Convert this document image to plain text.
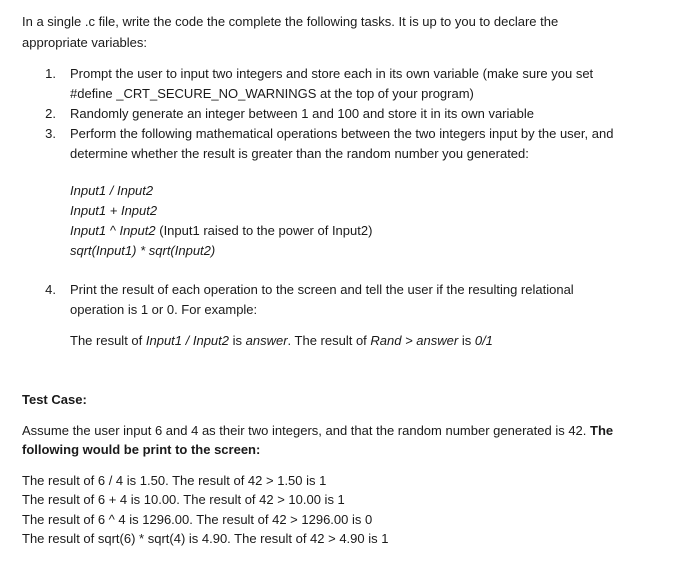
In a single .c file, write the code the complete the following tasks. It is up to you to declare the
appropriate variables:
1. Prompt the user to input two integers and store each in its own variable (make sure you set
#define _CRT_SECURE_NO_WARNINGS at the top of your program)
2. Randomly generate an integer between 1 and 100 and store it in its own variable
3. Perform the following mathematical operations between the two integers input by the user, and
determine whether the result is greater than the random number you generated:
Input1 / Input2
Input1 + Input2
Input1 ^ Input2 (Input1 raised to the power of Input2)
sqrt(Input1) * sqrt(Input2)
4. Print the result of each operation to the screen and tell the user if the resulting relational
operation is 1 or 0. For example:
The result of Input1 / Input2 is answer. The result of Rand > answer is 0/1
Test Case:
Assume the user input 6 and 4 as their two integers, and that the random number generated is 42. The
following would be print to the screen:
The result of 6 / 4 is 1.50. The result of 42 > 1.50 is 1
The result of 6 + 4 is 10.00. The result of 42 > 10.00 is 1
The result of 6 ^ 4 is 1296.00. The result of 42 > 1296.00 is 0
The result of sqrt(6) * sqrt(4) is 4.90. The result of 42 > 4.90 is 1
